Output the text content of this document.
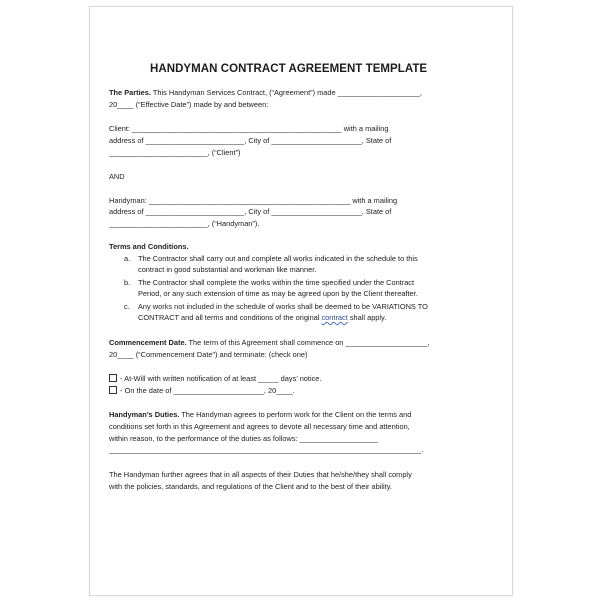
HANDYMAN CONTRACT AGREEMENT TEMPLATE
The Parties. This Handyman Services Contract, (“Agreement”) made ____________________,
20____ (“Effective Date”) made by and between:
Client: ___________________________________________________ with a mailing
address of ________________________, City of ______________________, State of
________________________, (“Client”)
AND
Handyman: _________________________________________________ with a mailing
address of ________________________, City of ______________________, State of
________________________, (“Handyman”).
Terms and Conditions.
a. The Contractor shall carry out and complete all works indicated in the schedule to this
contract in good substantial and workman like manner.
b. The Contractor shall complete the works within the time specified under the Contract
Period, or any such extension of time as may be agreed upon by the Client thereafter.
c. Any works not included in the schedule of works shall be deemed to be VARIATIONS TO
CONTRACT and all terms and conditions of the original contract shall apply.
Commencement Date. The term of this Agreement shall commence on ____________________,
20____ (“Commencement Date”) and terminate: (check one)
- At-Will with written notification of at least _____ days’ notice.
- On the date of ______________________, 20____.
Handyman’s Duties. The Handyman agrees to perform work for the Client on the terms and
conditions set forth in this Agreement and agrees to devote all necessary time and attention,
within reason, to the performance of the duties as follows: ___________________
____________________________________________________________________________.
The Handyman further agrees that in all aspects of their Duties that he/she/they shall comply
with the policies, standards, and regulations of the Client and to the best of their ability.
